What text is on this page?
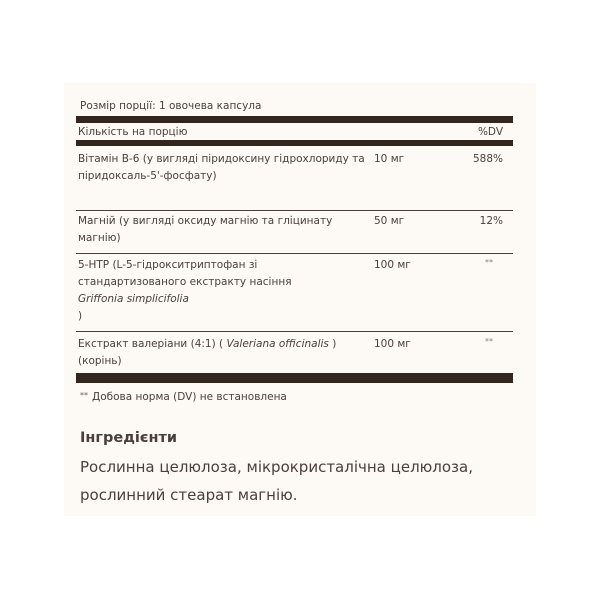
Розмір порції: 1 овочева капсула
Кількість на порцію	%DV
Вітамін B-6 (у вигляді піридоксину гідрохлориду та піридоксаль-5'-фосфату)
10 мг	588%
Магній (у вигляді оксиду магнію та гліцинату магнію)
50 мг	12%
5-HTP (L-5-гідрокситриптофан зі стандартизованого екстракту насіння
Griffonia simplicifolia
)
100 мг	**
Екстракт валеріани (4:1) ( Valeriana officinalis ) (корінь)
100 мг	**
** Добова норма (DV) не встановлена
Інгредієнти
Рослинна целюлоза, мікрокристалічна целюлоза, рослинний стеарат магнію.
